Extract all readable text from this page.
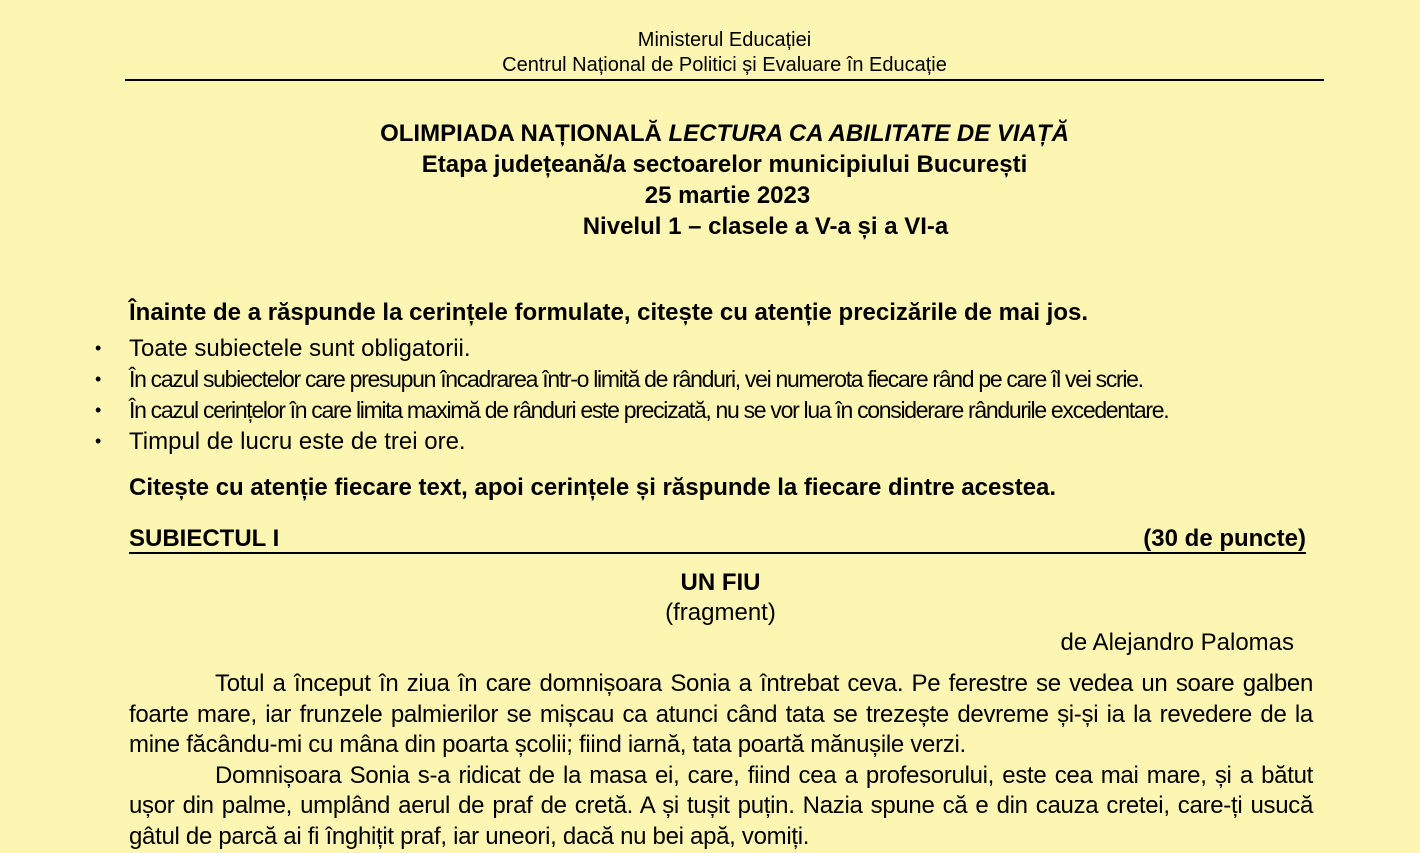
Ministerul Educației
Centrul Național de Politici și Evaluare în Educație
OLIMPIADA NAȚIONALĂ LECTURA CA ABILITATE DE VIAȚĂ
Etapa județeană/a sectoarelor municipiului București
25 martie 2023
Nivelul 1 – clasele a V-a și a VI-a
Înainte de a răspunde la cerințele formulate, citește cu atenție precizările de mai jos.
• Toate subiectele sunt obligatorii.
• În cazul subiectelor care presupun încadrarea într-o limită de rânduri, vei numerota fiecare rând pe care îl vei scrie.
• În cazul cerințelor în care limita maximă de rânduri este precizată, nu se vor lua în considerare rândurile excedentare.
• Timpul de lucru este de trei ore.
Citește cu atenție fiecare text, apoi cerințele și răspunde la fiecare dintre acestea.
SUBIECTUL I	(30 de puncte)
UN FIU
(fragment)
de Alejandro Palomas

Totul a început în ziua în care domnișoara Sonia a întrebat ceva. Pe ferestre se vedea un soare galben foarte mare, iar frunzele palmierilor se mișcau ca atunci când tata se trezește devreme și-și ia la revedere de la mine făcându-mi cu mâna din poarta școlii; fiind iarnă, tata poartă mănușile verzi.

Domnișoara Sonia s-a ridicat de la masa ei, care, fiind cea a profesorului, este cea mai mare, și a bătut ușor din palme, umplând aerul de praf de cretă. A și tușit puțin. Nazia spune că e din cauza cretei, care-ți usucă gâtul de parcă ai fi înghițit praf, iar uneori, dacă nu bei apă, vomiți.
